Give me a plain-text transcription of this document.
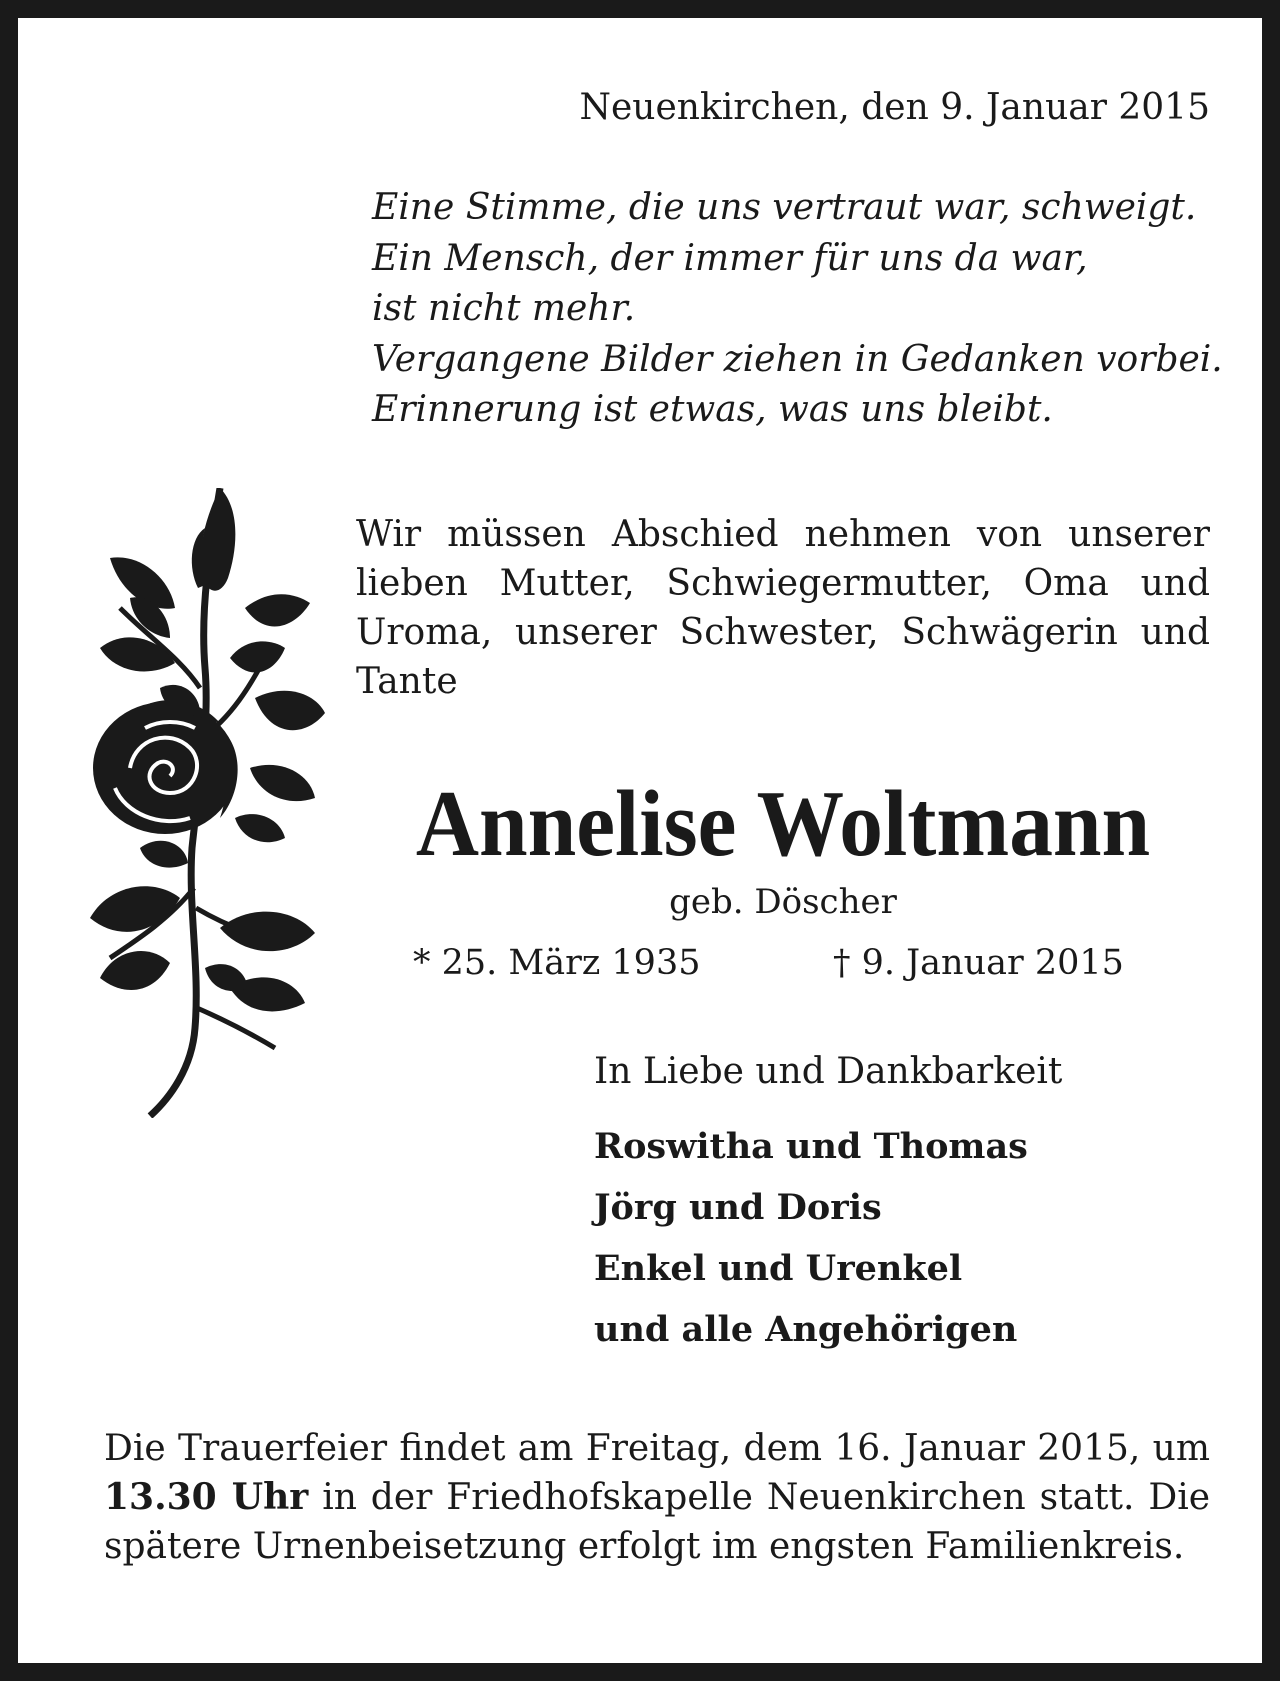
Neuenkirchen, den 9. Januar 2015

Eine Stimme, die uns vertraut war, schweigt.
Ein Mensch, der immer für uns da war,
ist nicht mehr.
Vergangene Bilder ziehen in Gedanken vorbei.
Erinnerung ist etwas, was uns bleibt.

Wir müssen Abschied nehmen von unserer lieben Mutter, Schwiegermutter, Oma und Uroma, unserer Schwester, Schwägerin und Tante

Annelise Woltmann

geb. Döscher

* 25. März 1935	† 9. Januar 2015

In Liebe und Dankbarkeit

Roswitha und Thomas
Jörg und Doris
Enkel und Urenkel
und alle Angehörigen

Die Trauerfeier findet am Freitag, dem 16. Januar 2015, um 13.30 Uhr in der Friedhofskapelle Neuenkirchen statt. Die spätere Urnenbeisetzung erfolgt im engsten Familienkreis.
